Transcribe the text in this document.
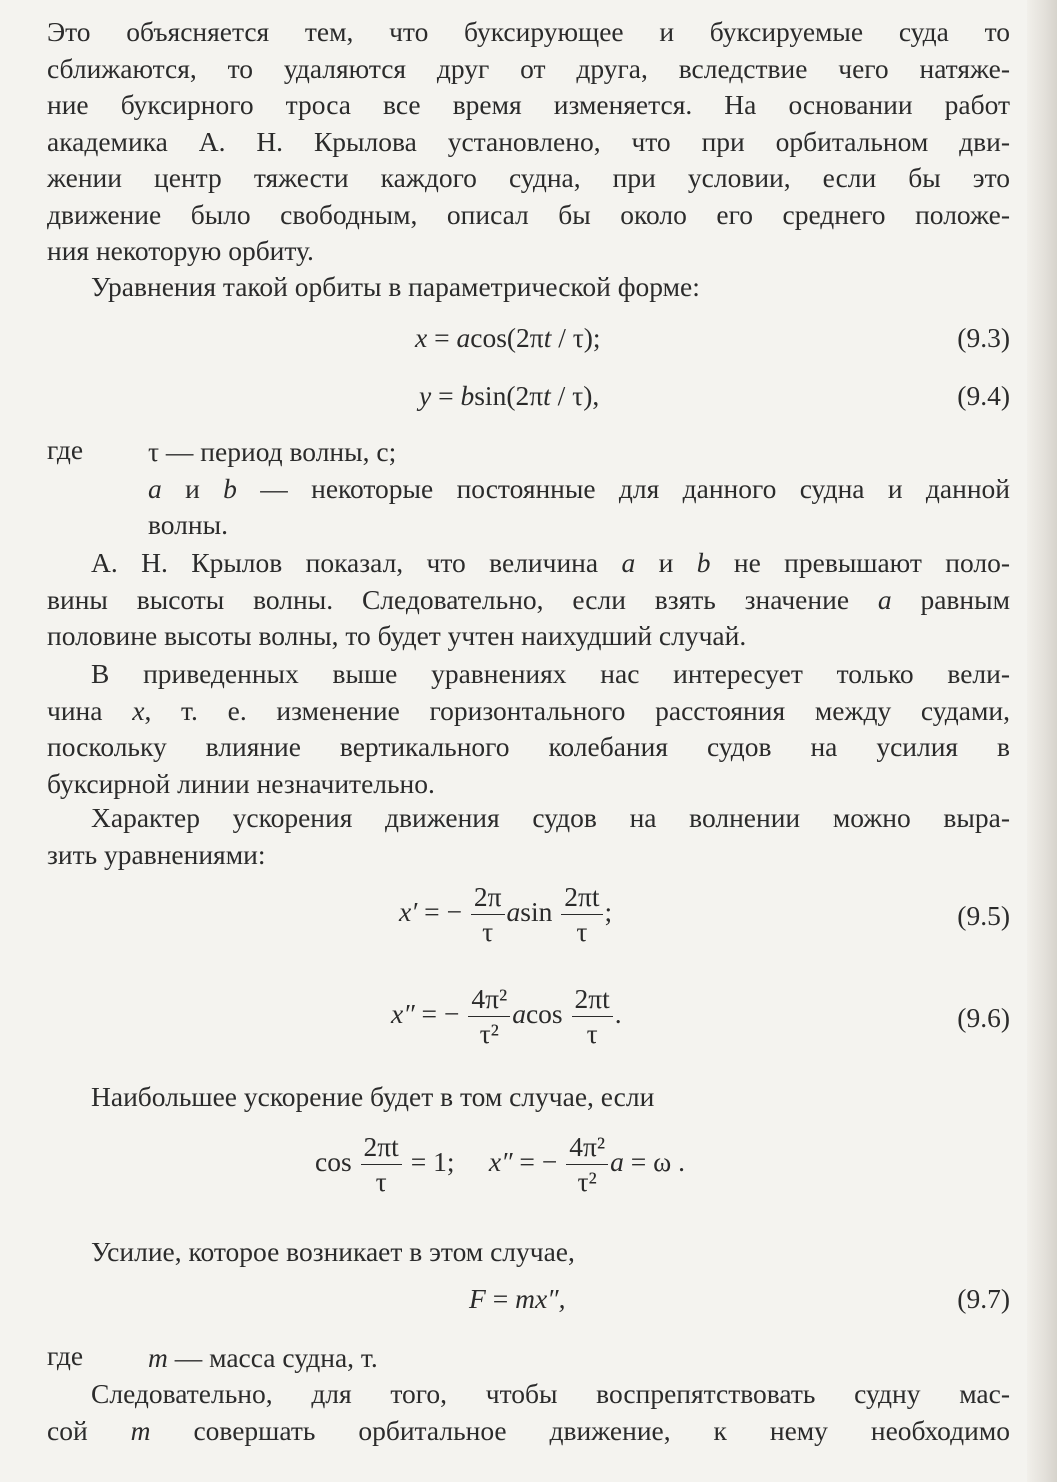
Это объясняется тем, что буксирующее и буксируемые суда то
сближаются, то удаляются друг от друга, вследствие чего натяже-
ние буксирного троса все время изменяется. На основании работ
академика А. Н. Крылова установлено, что при орбитальном дви-
жении центр тяжести каждого судна, при условии, если бы это
движение было свободным, описал бы около его среднего положе-
ния некоторую орбиту.
Уравнения такой орбиты в параметрической форме:
x = acos(2πt / τ);	(9.3)
y = bsin(2πt / τ),	(9.4)
где τ — период волны, с;
a и b — некоторые постоянные для данного судна и данной
волны.
А. Н. Крылов показал, что величина a и b не превышают поло-
вины высоты волны. Следовательно, если взять значение a равным
половине высоты волны, то будет учтен наихудший случай.
В приведенных выше уравнениях нас интересует только вели-
чина x, т. е. изменение горизонтального расстояния между судами,
поскольку влияние вертикального колебания судов на усилия в
буксирной линии незначительно.
Характер ускорения движения судов на волнении можно выра-
зить уравнениями:
x′ = − $\frac{2\pi}{\tau}$ asin $\frac{2\pi t}{\tau}$ ;	(9.5)
x″ = − $\frac{\text{4π²}}{\text{τ²}}$ acos $\frac{2\pi t}{\tau}$ .	(9.6)
Наибольшее ускорение будет в том случае, если
$\cos \frac{2\pi t}{\tau} = 1$; x″ = − $\frac{\text{4π²}}{\text{τ²}}$ a = ω .
Усилие, которое возникает в этом случае,
F = mx″,	(9.7)
где m — масса судна, т.
Следовательно, для того, чтобы воспрепятствовать судну мас-
сой m совершать орбитальное движение, к нему необходимо
